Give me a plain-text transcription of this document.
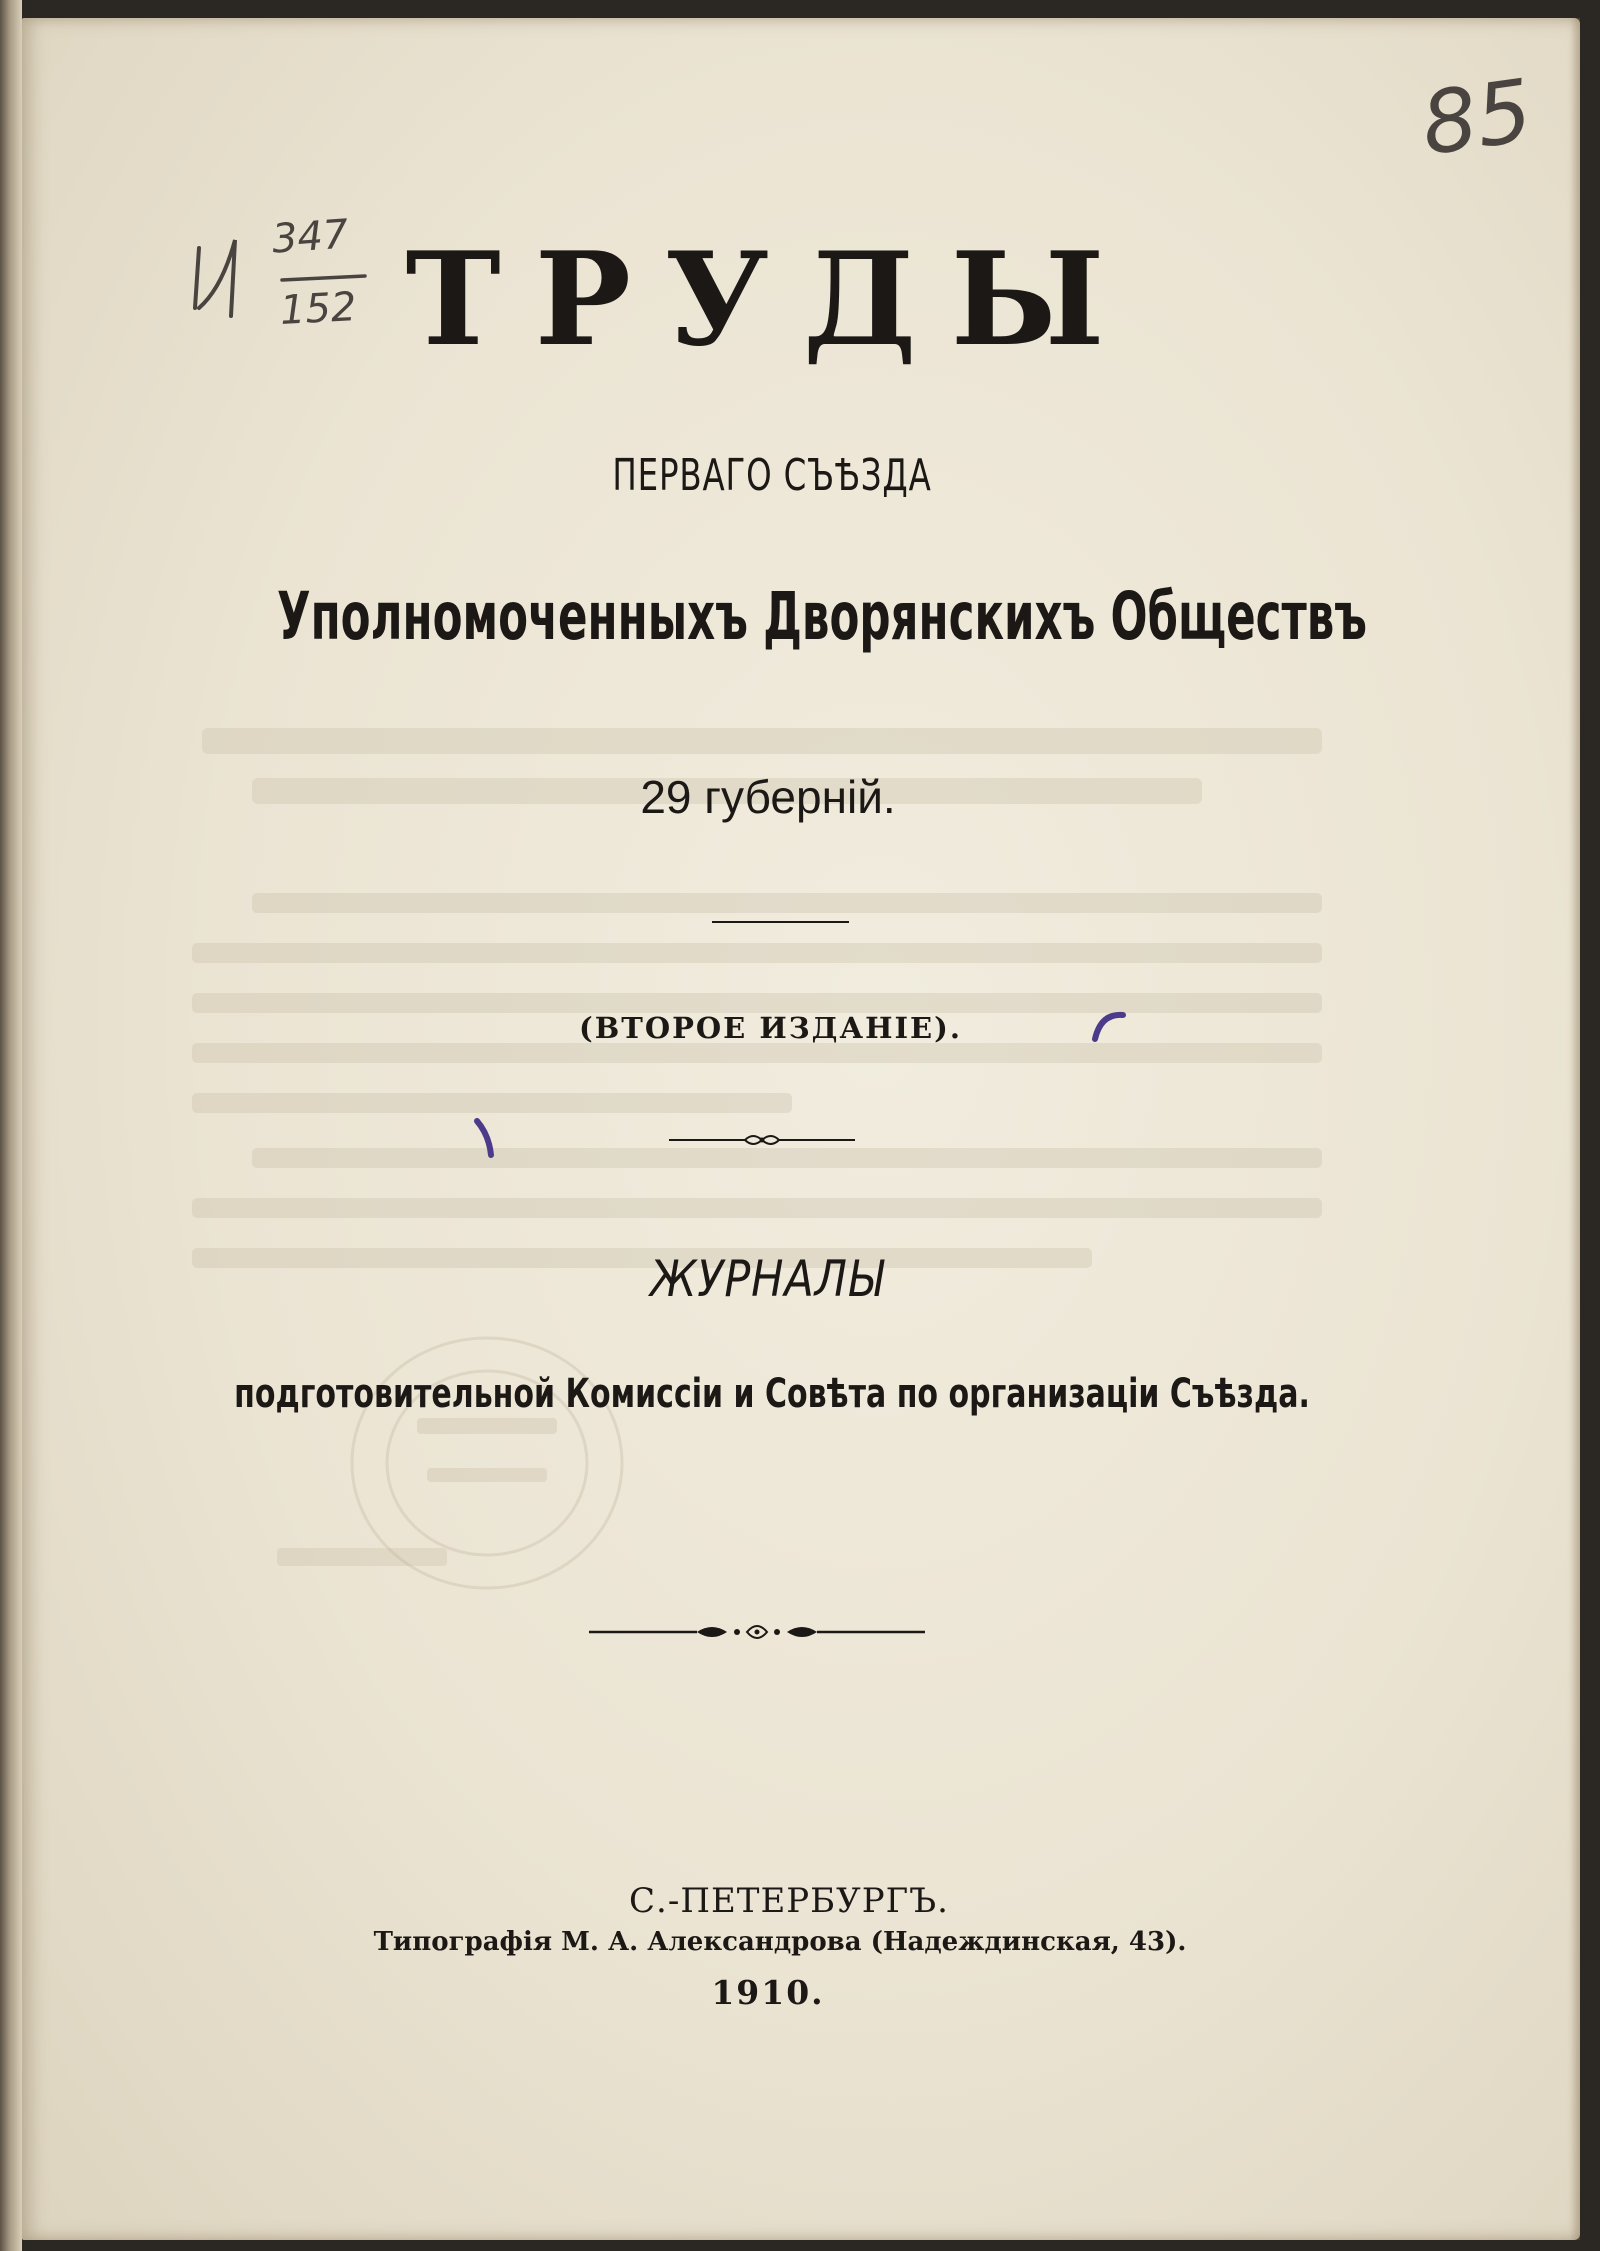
347
152
85
ТРУДЫ
ПЕРВАГО СЪѢЗДА
Уполномоченныхъ Дворянскихъ Обществъ
29 губерній.
(ВТОРОЕ ИЗДАНІЕ).
ЖУРНАЛЫ
подготовительной Комиссіи и Совѣта по организаціи Съѣзда.
С.-ПЕТЕРБУРГЪ.
Типографія М. А. Александрова (Надеждинская, 43).
1910.
